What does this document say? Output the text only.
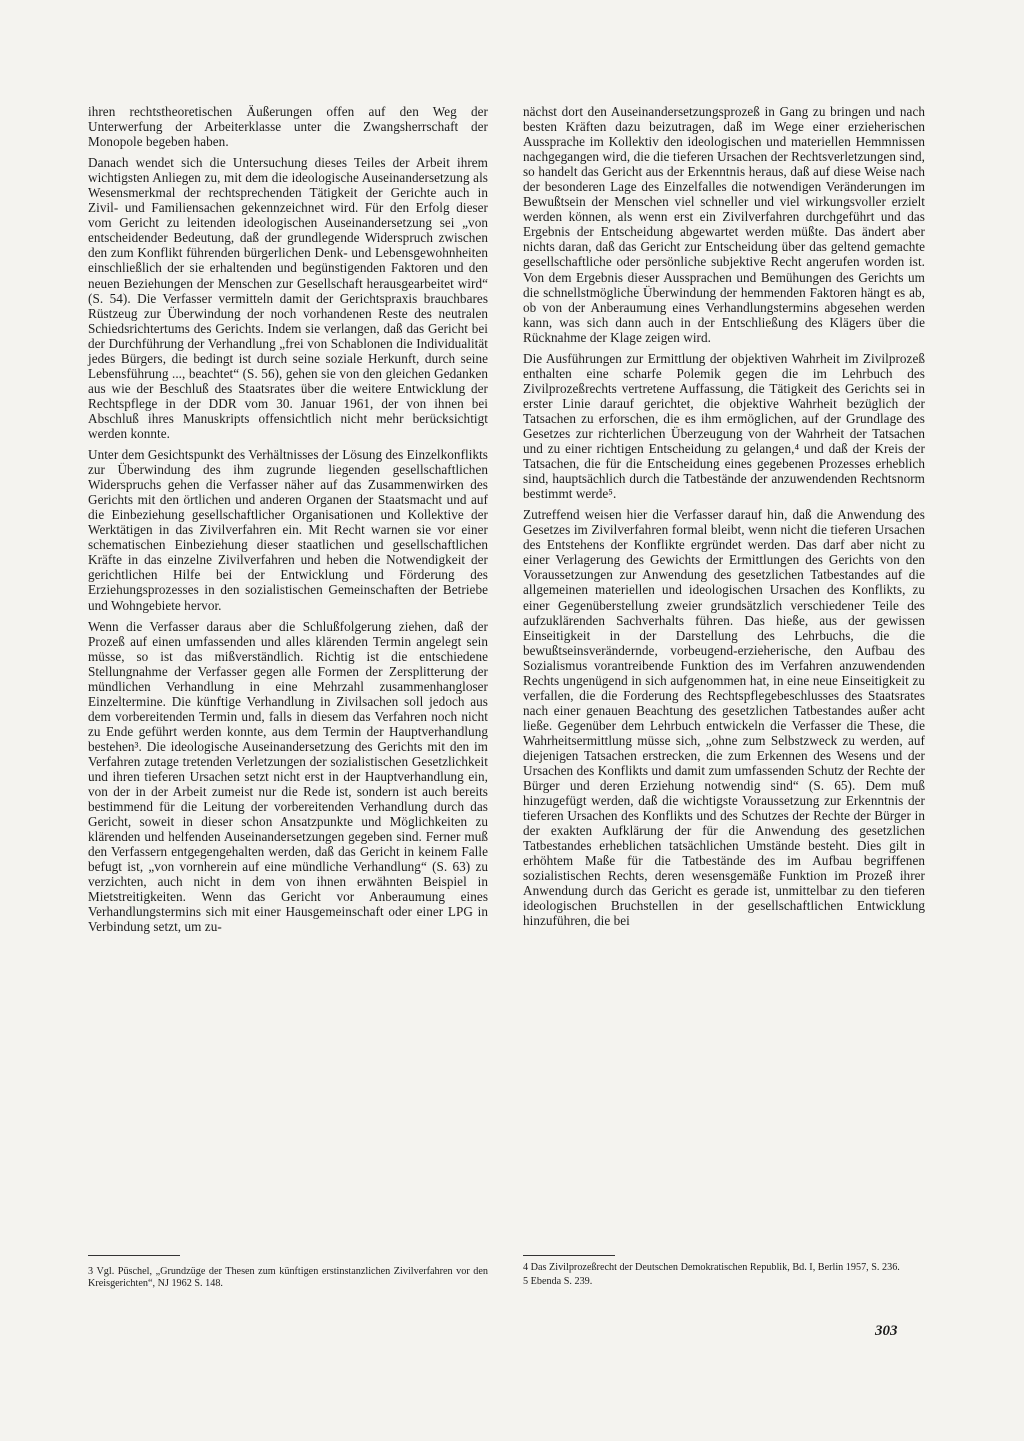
ihren rechtstheoretischen Äußerungen offen auf den Weg der Unterwerfung der Arbeiterklasse unter die Zwangsherrschaft der Monopole begeben haben.

Danach wendet sich die Untersuchung dieses Teiles der Arbeit ihrem wichtigsten Anliegen zu, mit dem die ideologische Auseinandersetzung als Wesensmerkmal der rechtsprechenden Tätigkeit der Gerichte auch in Zivil- und Familiensachen gekennzeichnet wird. Für den Erfolg dieser vom Gericht zu leitenden ideologischen Auseinandersetzung sei „von entscheidender Bedeutung, daß der grundlegende Widerspruch zwischen den zum Konflikt führenden bürgerlichen Denk- und Lebensgewohnheiten einschließlich der sie erhaltenden und begünstigenden Faktoren und den neuen Beziehungen der Menschen zur Gesellschaft herausgearbeitet wird“ (S. 54). Die Verfasser vermitteln damit der Gerichtspraxis brauchbares Rüstzeug zur Überwindung der noch vorhandenen Reste des neutralen Schiedsrichtertums des Gerichts. Indem sie verlangen, daß das Gericht bei der Durchführung der Verhandlung „frei von Schablonen die Individualität jedes Bürgers, die bedingt ist durch seine soziale Herkunft, durch seine Lebensführung ..., beachtet“ (S. 56), gehen sie von den gleichen Gedanken aus wie der Beschluß des Staatsrates über die weitere Entwicklung der Rechtspflege in der DDR vom 30. Januar 1961, der von ihnen bei Abschluß ihres Manuskripts offensichtlich nicht mehr berücksichtigt werden konnte.

Unter dem Gesichtspunkt des Verhältnisses der Lösung des Einzelkonflikts zur Überwindung des ihm zugrunde liegenden gesellschaftlichen Widerspruchs gehen die Verfasser näher auf das Zusammenwirken des Gerichts mit den örtlichen und anderen Organen der Staatsmacht und auf die Einbeziehung gesellschaftlicher Organisationen und Kollektive der Werktätigen in das Zivilverfahren ein. Mit Recht warnen sie vor einer schematischen Einbeziehung dieser staatlichen und gesellschaftlichen Kräfte in das einzelne Zivilverfahren und heben die Notwendigkeit der gerichtlichen Hilfe bei der Entwicklung und Förderung des Erziehungsprozesses in den sozialistischen Gemeinschaften der Betriebe und Wohngebiete hervor.

Wenn die Verfasser daraus aber die Schlußfolgerung ziehen, daß der Prozeß auf einen umfassenden und alles klärenden Termin angelegt sein müsse, so ist das mißverständlich. Richtig ist die entschiedene Stellungnahme der Verfasser gegen alle Formen der Zersplitterung der mündlichen Verhandlung in eine Mehrzahl zusammenhangloser Einzeltermine. Die künftige Verhandlung in Zivilsachen soll jedoch aus dem vorbereitenden Termin und, falls in diesem das Verfahren noch nicht zu Ende geführt werden konnte, aus dem Termin der Hauptverhandlung bestehen³. Die ideologische Auseinandersetzung des Gerichts mit den im Verfahren zutage tretenden Verletzungen der sozialistischen Gesetzlichkeit und ihren tieferen Ursachen setzt nicht erst in der Hauptverhandlung ein, von der in der Arbeit zumeist nur die Rede ist, sondern ist auch bereits bestimmend für die Leitung der vorbereitenden Verhandlung durch das Gericht, soweit in dieser schon Ansatzpunkte und Möglichkeiten zu klärenden und helfenden Auseinandersetzungen gegeben sind. Ferner muß den Verfassern entgegengehalten werden, daß das Gericht in keinem Falle befugt ist, „von vornherein auf eine mündliche Verhandlung“ (S. 63) zu verzichten, auch nicht in dem von ihnen erwähnten Beispiel in Mietstreitigkeiten. Wenn das Gericht vor Anberaumung eines Verhandlungstermins sich mit einer Hausgemeinschaft oder einer LPG in Verbindung setzt, um zu-

nächst dort den Auseinandersetzungsprozeß in Gang zu bringen und nach besten Kräften dazu beizutragen, daß im Wege einer erzieherischen Aussprache im Kollektiv den ideologischen und materiellen Hemmnissen nachgegangen wird, die die tieferen Ursachen der Rechtsverletzungen sind, so handelt das Gericht aus der Erkenntnis heraus, daß auf diese Weise nach der besonderen Lage des Einzelfalles die notwendigen Veränderungen im Bewußtsein der Menschen viel schneller und viel wirkungsvoller erzielt werden können, als wenn erst ein Zivilverfahren durchgeführt und das Ergebnis der Entscheidung abgewartet werden müßte. Das ändert aber nichts daran, daß das Gericht zur Entscheidung über das geltend gemachte gesellschaftliche oder persönliche subjektive Recht angerufen worden ist. Von dem Ergebnis dieser Aussprachen und Bemühungen des Gerichts um die schnellstmögliche Überwindung der hemmenden Faktoren hängt es ab, ob von der Anberaumung eines Verhandlungstermins abgesehen werden kann, was sich dann auch in der Entschließung des Klägers über die Rücknahme der Klage zeigen wird.

Die Ausführungen zur Ermittlung der objektiven Wahrheit im Zivilprozeß enthalten eine scharfe Polemik gegen die im Lehrbuch des Zivilprozeßrechts vertretene Auffassung, die Tätigkeit des Gerichts sei in erster Linie darauf gerichtet, die objektive Wahrheit bezüglich der Tatsachen zu erforschen, die es ihm ermöglichen, auf der Grundlage des Gesetzes zur richterlichen Überzeugung von der Wahrheit der Tatsachen und zu einer richtigen Entscheidung zu gelangen,⁴ und daß der Kreis der Tatsachen, die für die Entscheidung eines gegebenen Prozesses erheblich sind, hauptsächlich durch die Tatbestände der anzuwendenden Rechtsnorm bestimmt werde⁵.

Zutreffend weisen hier die Verfasser darauf hin, daß die Anwendung des Gesetzes im Zivilverfahren formal bleibt, wenn nicht die tieferen Ursachen des Entstehens der Konflikte ergründet werden. Das darf aber nicht zu einer Verlagerung des Gewichts der Ermittlungen des Gerichts von den Voraussetzungen zur Anwendung des gesetzlichen Tatbestandes auf die allgemeinen materiellen und ideologischen Ursachen des Konflikts, zu einer Gegenüberstellung zweier grundsätzlich verschiedener Teile des aufzuklärenden Sachverhalts führen. Das hieße, aus der gewissen Einseitigkeit in der Darstellung des Lehrbuchs, die die bewußtseinsverändernde, vorbeugend-erzieherische, den Aufbau des Sozialismus vorantreibende Funktion des im Verfahren anzuwendenden Rechts ungenügend in sich aufgenommen hat, in eine neue Einseitigkeit zu verfallen, die die Forderung des Rechtspflegebeschlusses des Staatsrates nach einer genauen Beachtung des gesetzlichen Tatbestandes außer acht ließe. Gegenüber dem Lehrbuch entwickeln die Verfasser die These, die Wahrheitsermittlung müsse sich, „ohne zum Selbstzweck zu werden, auf diejenigen Tatsachen erstrecken, die zum Erkennen des Wesens und der Ursachen des Konflikts und damit zum umfassenden Schutz der Rechte der Bürger und deren Erziehung notwendig sind“ (S. 65). Dem muß hinzugefügt werden, daß die wichtigste Voraussetzung zur Erkenntnis der tieferen Ursachen des Konflikts und des Schutzes der Rechte der Bürger in der exakten Aufklärung der für die Anwendung des gesetzlichen Tatbestandes erheblichen tatsächlichen Umstände besteht. Dies gilt in erhöhtem Maße für die Tatbestände des im Aufbau begriffenen sozialistischen Rechts, deren wesensgemäße Funktion im Prozeß ihrer Anwendung durch das Gericht es gerade ist, unmittelbar zu den tieferen ideologischen Bruchstellen in der gesellschaftlichen Entwicklung hinzuführen, die bei

3 Vgl. Püschel, „Grundzüge der Thesen zum künftigen erstinstanzlichen Zivilverfahren vor den Kreisgerichten“, NJ 1962 S. 148.

4 Das Zivilprozeßrecht der Deutschen Demokratischen Republik, Bd. I, Berlin 1957, S. 236.

5 Ebenda S. 239.

303
